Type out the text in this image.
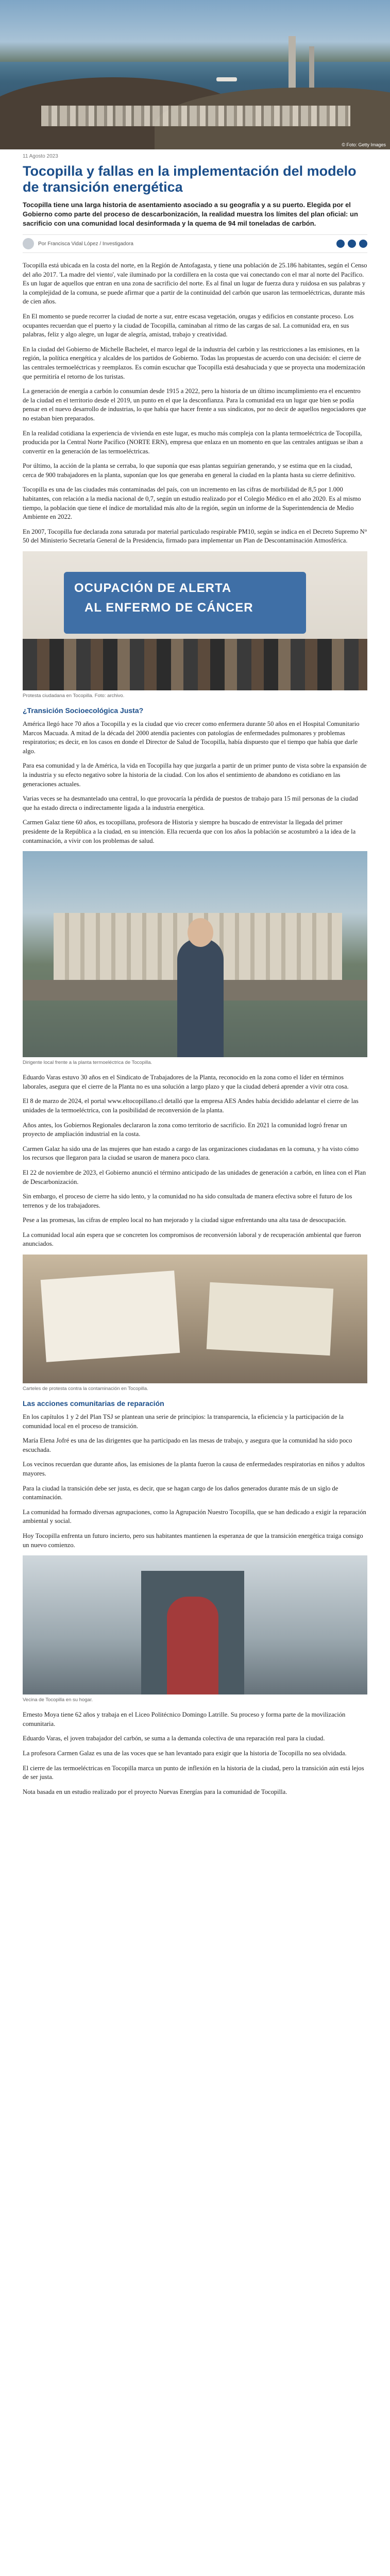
© Foto: Getty Images
11 Agosto 2023
Tocopilla y fallas en la implementación del modelo de transición energética

Tocopilla tiene una larga historia de asentamiento asociado a su geografía y a su puerto. Elegida por el Gobierno como parte del proceso de descarbonización, la realidad muestra los límites del plan oficial: un sacrificio con una comunidad local desinformada y la quema de 94 mil toneladas de carbón.

Por Francisca Vidal López / Investigadora

Tocopilla está ubicada en la costa del norte, en la Región de Antofagasta, y tiene una población de 25.186 habitantes, según el Censo del año 2017. 'La madre del viento', vale iluminado por la cordillera en la costa que vai conectando con el mar al norte del Pacífico. Es un lugar de aquellos que entran en una zona de sacrificio del norte. Es al final un lugar de fuerza dura y ruidosa en sus palabras y la complejidad de la comuna, se puede afirmar que a partir de la continuidad del carbón que usaron las termoeléctricas, durante más de cien años.

En El momento se puede recorrer la ciudad de norte a sur, entre escasa vegetación, orugas y edificios en constante proceso. Los ocupantes recuerdan que el puerto y la ciudad de Tocopilla, caminaban al ritmo de las cargas de sal. La comunidad era, en sus palabras, feliz y algo alegre, un lugar de alegría, amistad, trabajo y creatividad.

En la ciudad del Gobierno de Michelle Bachelet, el marco legal de la industria del carbón y las restricciones a las emisiones, en la región, la política energética y alcaldes de los partidos de Gobierno. Todas las propuestas de acuerdo con una decisión: el cierre de las centrales termoeléctricas y reemplazos. Es común escuchar que Tocopilla está desahuciada y que se proyecta una modernización que permitiría el retorno de los turistas.

La generación de energía a carbón lo consumían desde 1915 a 2022, pero la historia de un último incumplimiento era el encuentro de la ciudad en el territorio desde el 2019, un punto en el que la desconfianza. Para la comunidad era un lugar que bien se podía pensar en el nuevo desarrollo de industrias, lo que había que hacer frente a sus sindicatos, por no decir de aquellos negociadores que no estaban bien preparados.

En la realidad cotidiana la experiencia de vivienda en este lugar, es mucho más compleja con la planta termoeléctrica de Tocopilla, producida por la Central Norte Pacífico (NORTE ERN), empresa que enlaza en un momento en que las centrales antiguas se iban a convertir en la generación de las termoeléctricas.

Por último, la acción de la planta se cerraba, lo que suponía que esas plantas seguirían generando, y se estima que en la ciudad, cerca de 900 trabajadores en la planta, suponían que los que generaba en general la ciudad en la planta hasta su cierre definitivo.

Tocopilla es una de las ciudades más contaminadas del país, con un incremento en las cifras de morbilidad de 8,5 por 1.000 habitantes, con relación a la media nacional de 0,7, según un estudio realizado por el Colegio Médico en el año 2020. Es al mismo tiempo, la población que tiene el índice de mortalidad más alto de la región, según un informe de la Superintendencia de Medio Ambiente en 2022.

En 2007, Tocopilla fue declarada zona saturada por material particulado respirable PM10, según se indica en el Decreto Supremo N° 50 del Ministerio Secretaría General de la Presidencia, firmado para implementar un Plan de Descontaminación Atmosférica.

OCUPACIÓN DE ALERTA
AL ENFERMO DE CÁNCER
Protesta ciudadana en Tocopilla. Foto: archivo.
¿Transición Socioecológica Justa?

América llegó hace 70 años a Tocopilla y es la ciudad que vio crecer como enfermera durante 50 años en el Hospital Comunitario Marcos Macuada. A mitad de la década del 2000 atendía pacientes con patologías de enfermedades pulmonares y problemas respiratorios; es decir, en los casos en donde el Director de Salud de Tocopilla, había dispuesto que el tiempo que había que darle algo.

Para esa comunidad y la de América, la vida en Tocopilla hay que juzgarla a partir de un primer punto de vista sobre la expansión de la industria y su efecto negativo sobre la historia de la ciudad. Con los años el sentimiento de abandono es cotidiano en las generaciones actuales.

Varias veces se ha desmantelado una central, lo que provocaría la pérdida de puestos de trabajo para 15 mil personas de la ciudad que ha estado directa o indirectamente ligada a la industria energética.

Carmen Galaz tiene 60 años, es tocopillana, profesora de Historia y siempre ha buscado de entrevistar la llegada del primer presidente de la República a la ciudad, en su intención. Ella recuerda que con los años la población se acostumbró a la idea de la contaminación, a vivir con los problemas de salud.

Dirigente local frente a la planta termoeléctrica de Tocopilla.

Eduardo Varas estuvo 30 años en el Sindicato de Trabajadores de la Planta, reconocido en la zona como el líder en términos laborales, asegura que el cierre de la Planta no es una solución a largo plazo y que la ciudad deberá aprender a vivir otra cosa.

El 8 de marzo de 2024, el portal www.eltocopillano.cl detalló que la empresa AES Andes había decidido adelantar el cierre de las unidades de la termoeléctrica, con la posibilidad de reconversión de la planta.

Años antes, los Gobiernos Regionales declararon la zona como territorio de sacrificio. En 2021 la comunidad logró frenar un proyecto de ampliación industrial en la costa.

Carmen Galaz ha sido una de las mujeres que han estado a cargo de las organizaciones ciudadanas en la comuna, y ha visto cómo los recursos que llegaron para la ciudad se usaron de manera poco clara.

El 22 de noviembre de 2023, el Gobierno anunció el término anticipado de las unidades de generación a carbón, en línea con el Plan de Descarbonización.

Sin embargo, el proceso de cierre ha sido lento, y la comunidad no ha sido consultada de manera efectiva sobre el futuro de los terrenos y de los trabajadores.

Pese a las promesas, las cifras de empleo local no han mejorado y la ciudad sigue enfrentando una alta tasa de desocupación.

La comunidad local aún espera que se concreten los compromisos de reconversión laboral y de recuperación ambiental que fueron anunciados.

Carteles de protesta contra la contaminación en Tocopilla.
Las acciones comunitarias de reparación

En los capítulos 1 y 2 del Plan TSJ se plantean una serie de principios: la transparencia, la eficiencia y la participación de la comunidad local en el proceso de transición.

María Elena Jofré es una de las dirigentes que ha participado en las mesas de trabajo, y asegura que la comunidad ha sido poco escuchada.

Los vecinos recuerdan que durante años, las emisiones de la planta fueron la causa de enfermedades respiratorias en niños y adultos mayores.

Para la ciudad la transición debe ser justa, es decir, que se hagan cargo de los daños generados durante más de un siglo de contaminación.

La comunidad ha formado diversas agrupaciones, como la Agrupación Nuestro Tocopilla, que se han dedicado a exigir la reparación ambiental y social.

Hoy Tocopilla enfrenta un futuro incierto, pero sus habitantes mantienen la esperanza de que la transición energética traiga consigo un nuevo comienzo.

Vecina de Tocopilla en su hogar.

Ernesto Moya tiene 62 años y trabaja en el Liceo Politécnico Domingo Latrille. Su proceso y forma parte de la movilización comunitaria.

Eduardo Varas, el joven trabajador del carbón, se suma a la demanda colectiva de una reparación real para la ciudad.

La profesora Carmen Galaz es una de las voces que se han levantado para exigir que la historia de Tocopilla no sea olvidada.

El cierre de las termoeléctricas en Tocopilla marca un punto de inflexión en la historia de la ciudad, pero la transición aún está lejos de ser justa.

Nota basada en un estudio realizado por el proyecto Nuevas Energías para la comunidad de Tocopilla.
